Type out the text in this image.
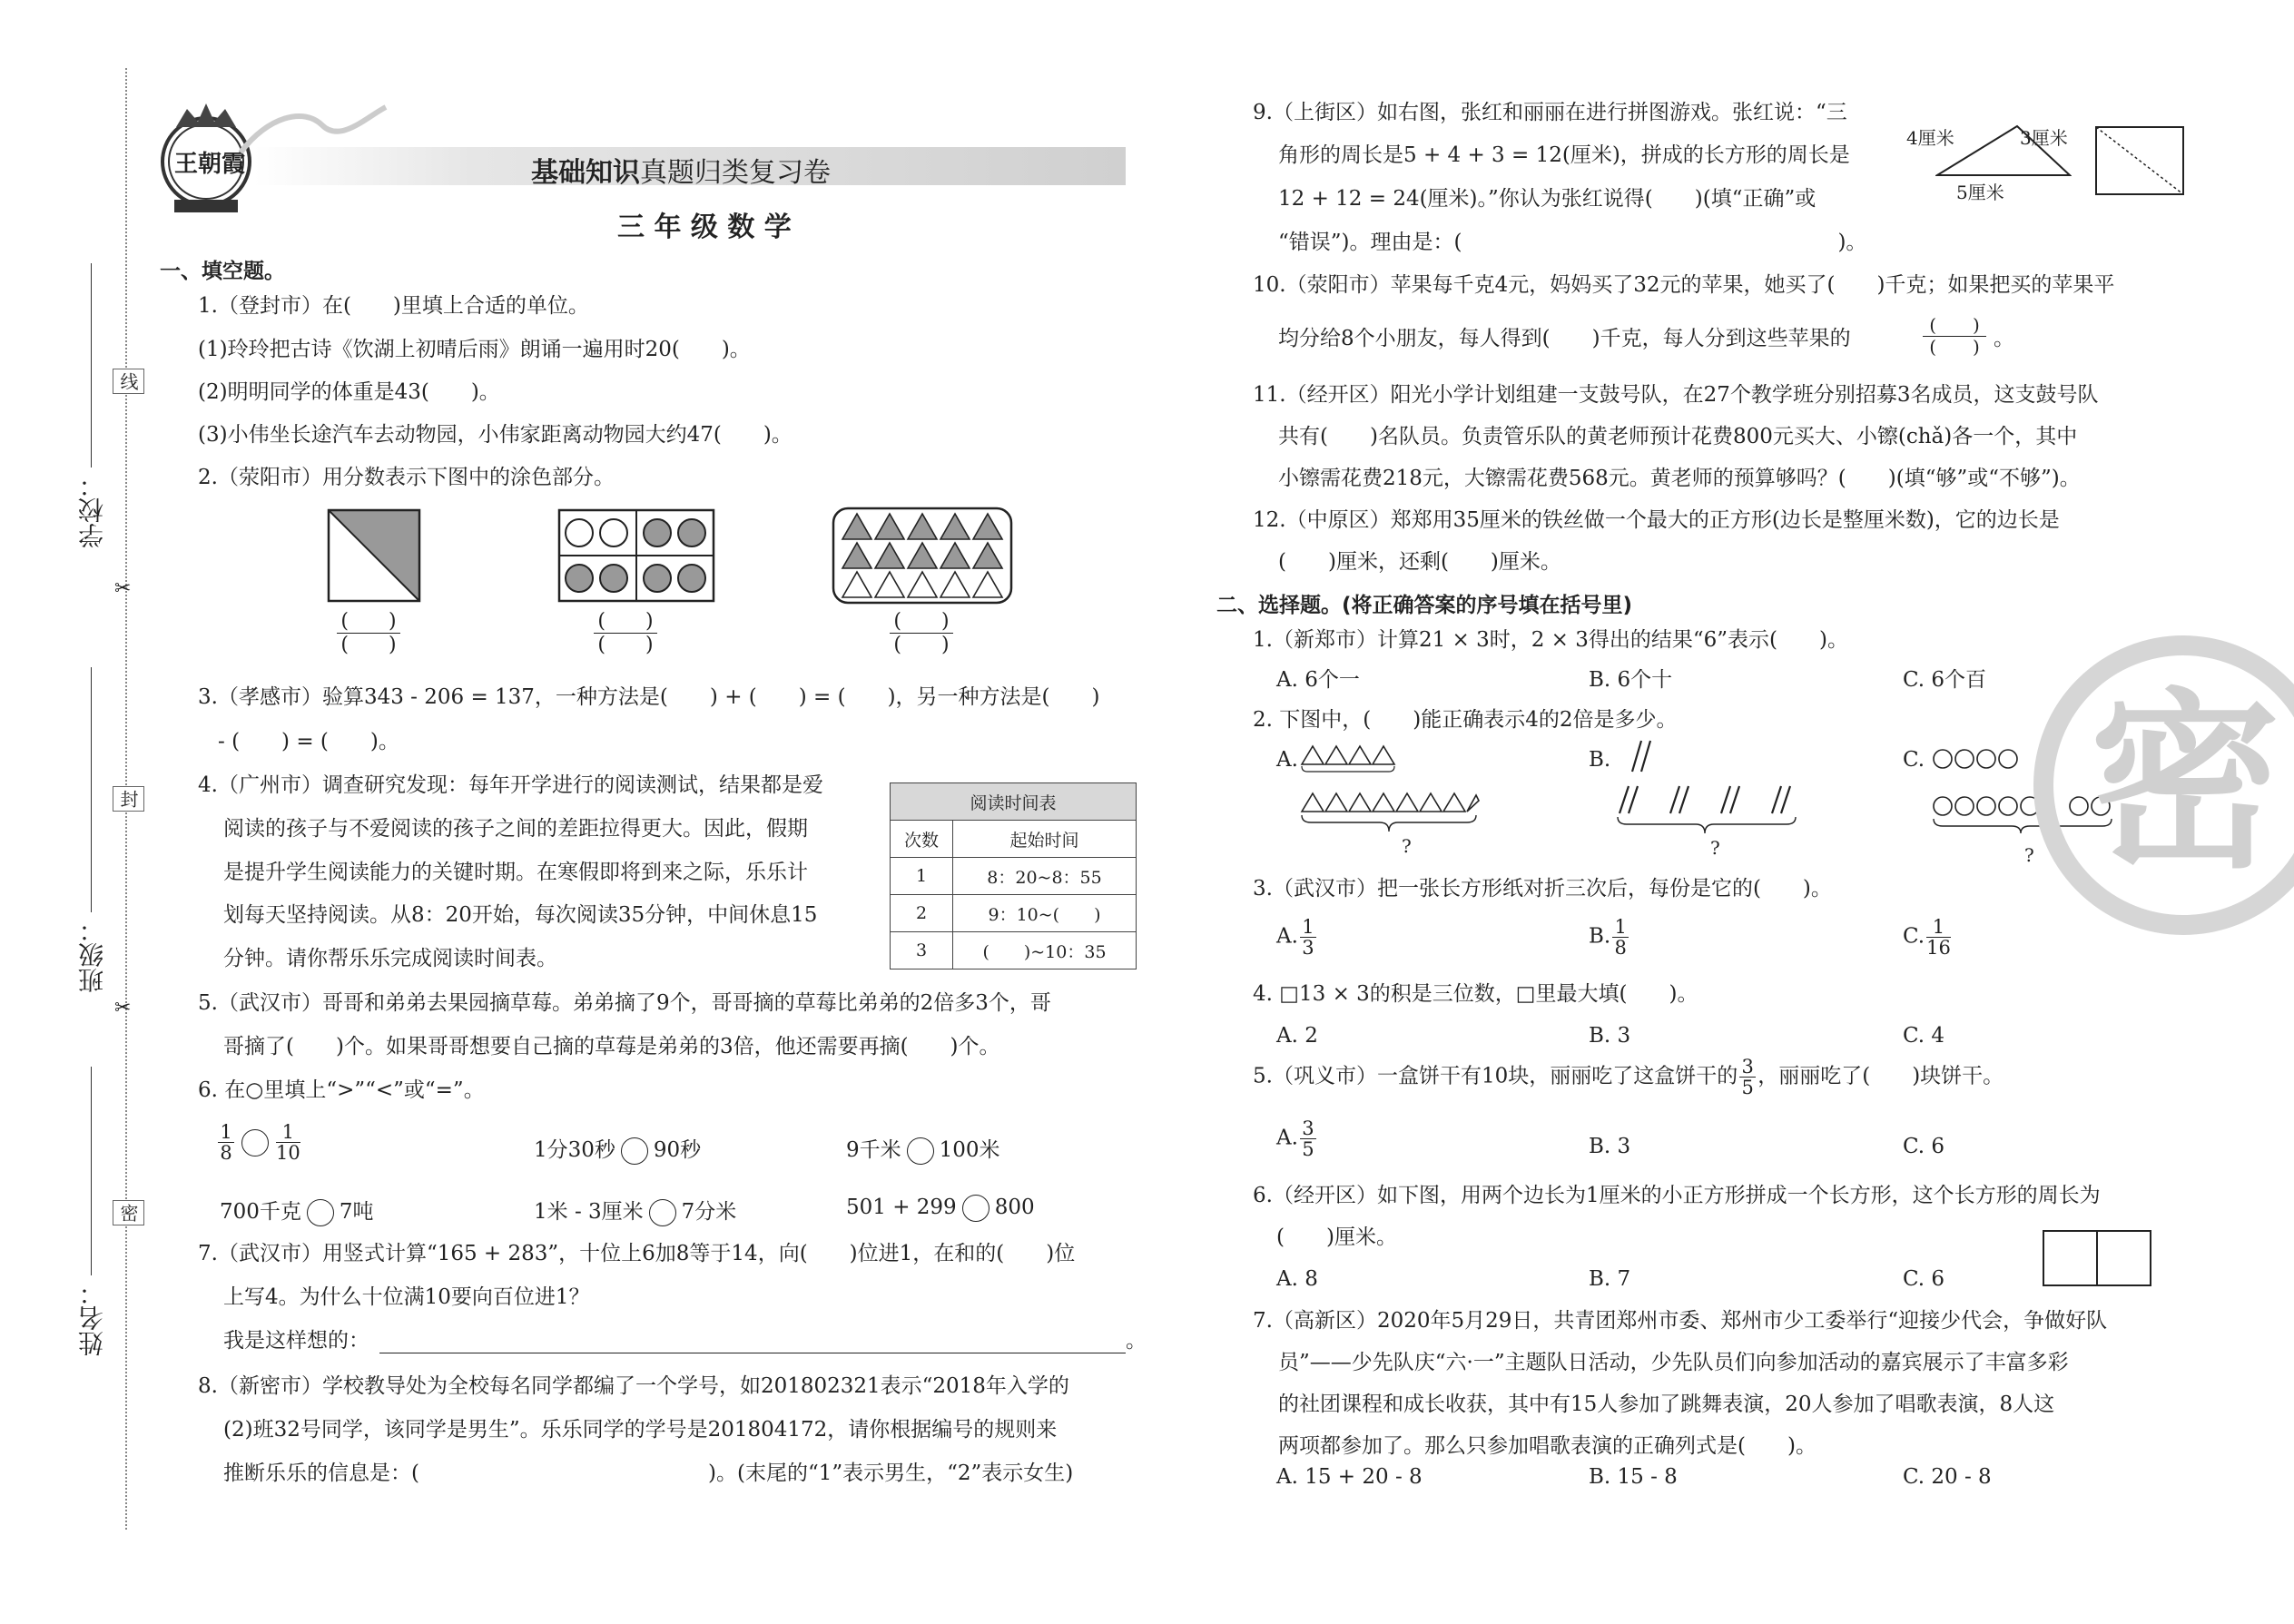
学校：
班级：
姓名：
线
封
密
✂
✂
王朝霞	基础知识真题归类复习卷
三 年 级 数 学
一、填空题。
1.（登封市）在(　　)里填上合适的单位。
(1)玲玲把古诗《饮湖上初晴后雨》朗诵一遍用时20(　　)。
(2)明明同学的体重是43(　　)。
(3)小伟坐长途汽车去动物园，小伟家距离动物园大约47(　　)。
2.（荥阳市）用分数表示下图中的涂色部分。
(　　)
(　　)
(　　)
(　　)
(　　)
(　　)
3.（孝感市）验算343 - 206 = 137，一种方法是(　　) + (　　) = (　　)，另一种方法是(　　)
- (　　) = (　　)。
4.（广州市）调查研究发现：每年开学进行的阅读测试，结果都是爱
阅读的孩子与不爱阅读的孩子之间的差距拉得更大。因此，假期
是提升学生阅读能力的关键时期。在寒假即将到来之际，乐乐计
划每天坚持阅读。从8：20开始，每次阅读35分钟，中间休息15
分钟。请你帮乐乐完成阅读时间表。
阅读时间表	
次数	起始时间
1	8：20~8：55
2	9：10~(　　)
3	(　　)~10：35
5.（武汉市）哥哥和弟弟去果园摘草莓。弟弟摘了9个，哥哥摘的草莓比弟弟的2倍多3个，哥
哥摘了(　　)个。如果哥哥想要自己摘的草莓是弟弟的3倍，他还需要再摘(　　)个。
6. 在○里填上“>”“<”或“=”。
$\frac{1}{8} \frac{1}{10}$	1分30秒 90秒	9千米 100米
700千克 7吨	1米 - 3厘米 7分米	501 + 299 800
7.（武汉市）用竖式计算“165 + 283”，十位上6加8等于14，向(　　)位进1，在和的(　　)位
上写4。为什么十位满10要向百位进1？
我是这样想的：	。
8.（新密市）学校教导处为全校每名同学都编了一个学号，如201802321表示“2018年入学的
(2)班32号同学，该同学是男生”。乐乐同学的学号是201804172，请你根据编号的规则来
推断乐乐的信息是：(	)。(末尾的“1”表示男生，“2”表示女生)
9.（上街区）如右图，张红和丽丽在进行拼图游戏。张红说：“三
角形的周长是5 + 4 + 3 = 12(厘米)，拼成的长方形的周长是
12 + 12 = 24(厘米)。”你认为张红说得(　　)(填“正确”或
“错误”)。理由是：(　　　　　　　　　　　　　　　　　　)。
4厘米	3厘米
5厘米
10.（荥阳市）苹果每千克4元，妈妈买了32元的苹果，她买了(　　)千克；如果把买的苹果平
均分给8个小朋友，每人得到(　　)千克，每人分到这些苹果的
(　　)
(　　) 。
11.（经开区）阳光小学计划组建一支鼓号队，在27个教学班分别招募3名成员，这支鼓号队
共有(　　)名队员。负责管乐队的黄老师预计花费800元买大、小镲(chǎ)各一个，其中
小镲需花费218元，大镲需花费568元。黄老师的预算够吗？(　　)(填“够”或“不够”)。
12.（中原区）郑郑用35厘米的铁丝做一个最大的正方形(边长是整厘米数)，它的边长是
(　　)厘米，还剩(　　)厘米。
二、选择题。(将正确答案的序号填在括号里)
1.（新郑市）计算21 × 3时，2 × 3得出的结果“6”表示(　　)。
A. 6个一	B. 6个十	C. 6个百
2. 下图中，(　　)能正确表示4的2倍是多少。
A.	B.	C.
?	?	?
3.（武汉市）把一张长方形纸对折三次后，每份是它的(　　)。
A. $\frac{1}{3}$	B. $\frac{1}{8}$	C. $\frac{1}{16}$
4. □13 × 3的积是三位数，□里最大填(　　)。
A. 2	B. 3	C. 4
5.（巩义市）一盒饼干有10块，丽丽吃了这盒饼干的 $\frac{3}{5}$ ，丽丽吃了(　　)块饼干。
A. $\frac{3}{5}$	B. 3	C. 6
6.（经开区）如下图，用两个边长为1厘米的小正方形拼成一个长方形，这个长方形的周长为
(　　)厘米。
A. 8	B. 7	C. 6
7.（高新区）2020年5月29日，共青团郑州市委、郑州市少工委举行“迎接少代会，争做好队
员”——少先队庆“六·一”主题队日活动，少先队员们向参加活动的嘉宾展示了丰富多彩
的社团课程和成长收获，其中有15人参加了跳舞表演，20人参加了唱歌表演，8人这
两项都参加了。那么只参加唱歌表演的正确列式是(　　)。
A. 15 + 20 - 8	B. 15 - 8	C. 20 - 8
密
